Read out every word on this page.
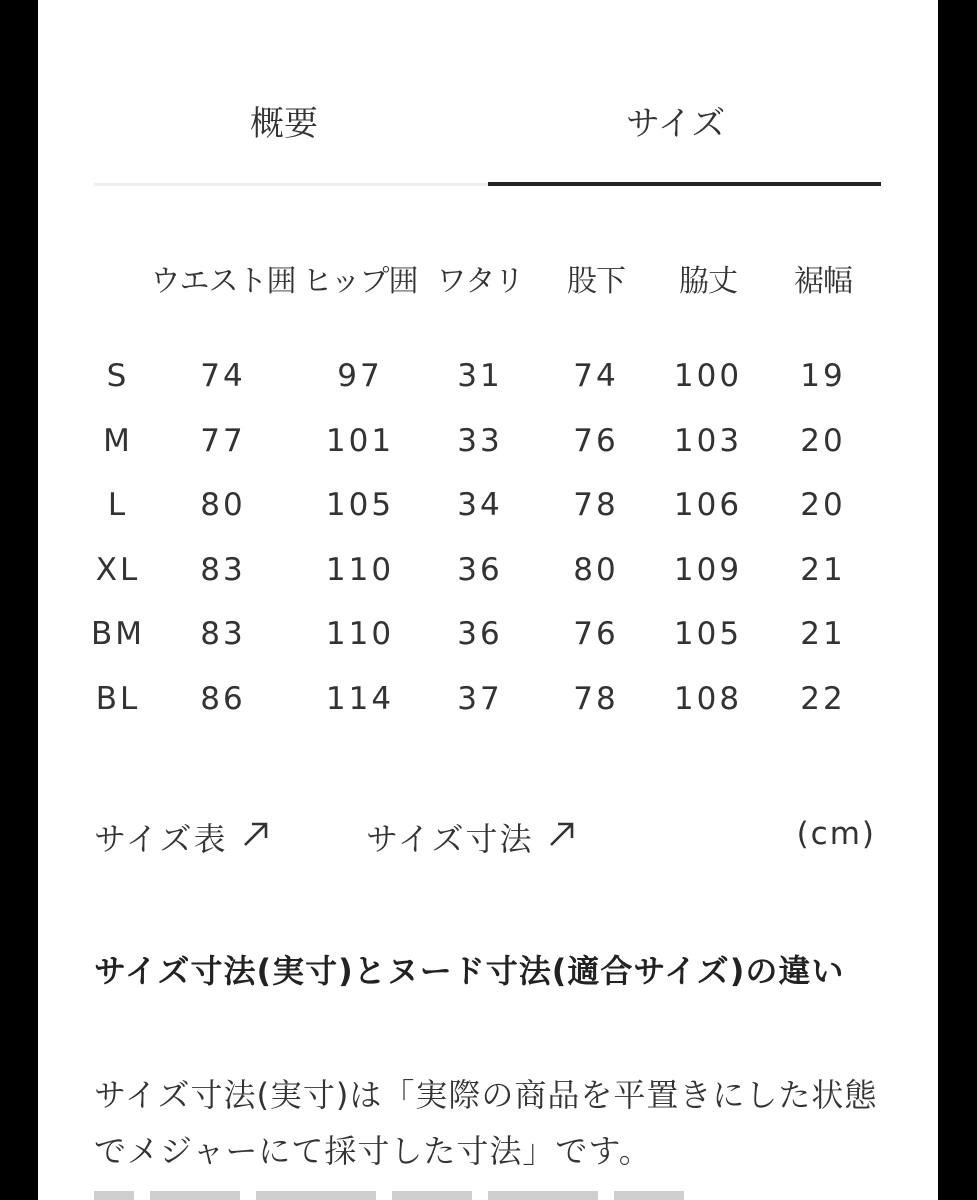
概要	サイズ
	ウエスト囲	ヒップ囲	ワタリ	股下	脇丈	裾幅

S	74	97	31	74	100	19
M	77	101	33	76	103	20
L	80	105	34	78	106	20
XL	83	110	36	80	109	21
BM	83	110	36	76	105	21
BL	86	114	37	78	108	22
サイズ表	サイズ寸法	(cm)
サイズ寸法(実寸)とヌード寸法(適合サイズ)の違い
サイズ寸法(実寸)は「実際の商品を平置きにした状態でメジャーにて採寸した寸法」です。
